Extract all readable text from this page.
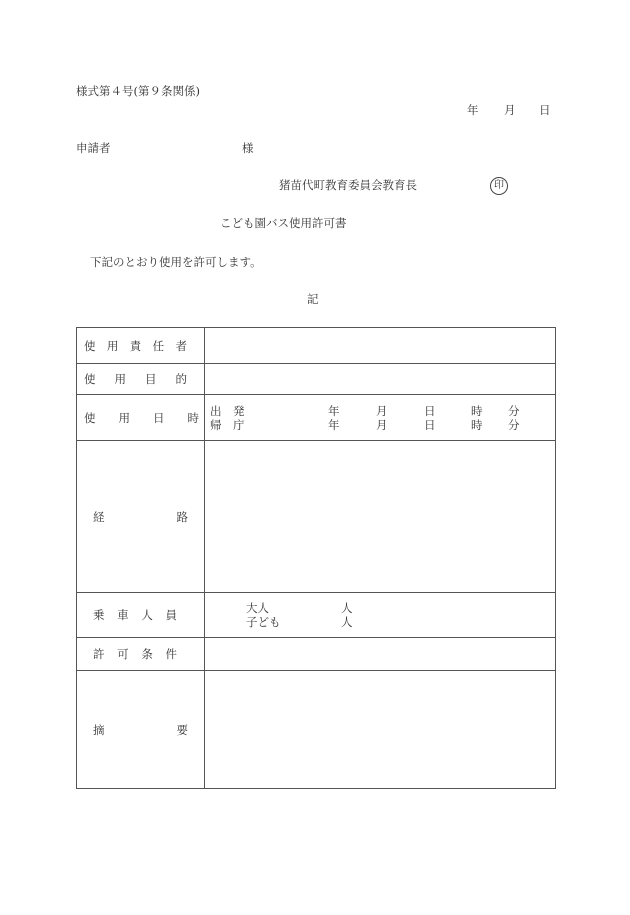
様式第４号(第９条関係)
年 月 日
申請者	様
猪苗代町教育委員会教育長	印
こども園バス使用許可書
下記のとおり使用を許可します。
記
使 用 責 任 者	

使 用 目 的	

使 用 日 時	出　発	年	月	日	時 分
帰　庁	年	月	日	時 分

経 路	

乗 車 人 員	大人	人
子ども	人

許 可 条 件	

摘 要	
